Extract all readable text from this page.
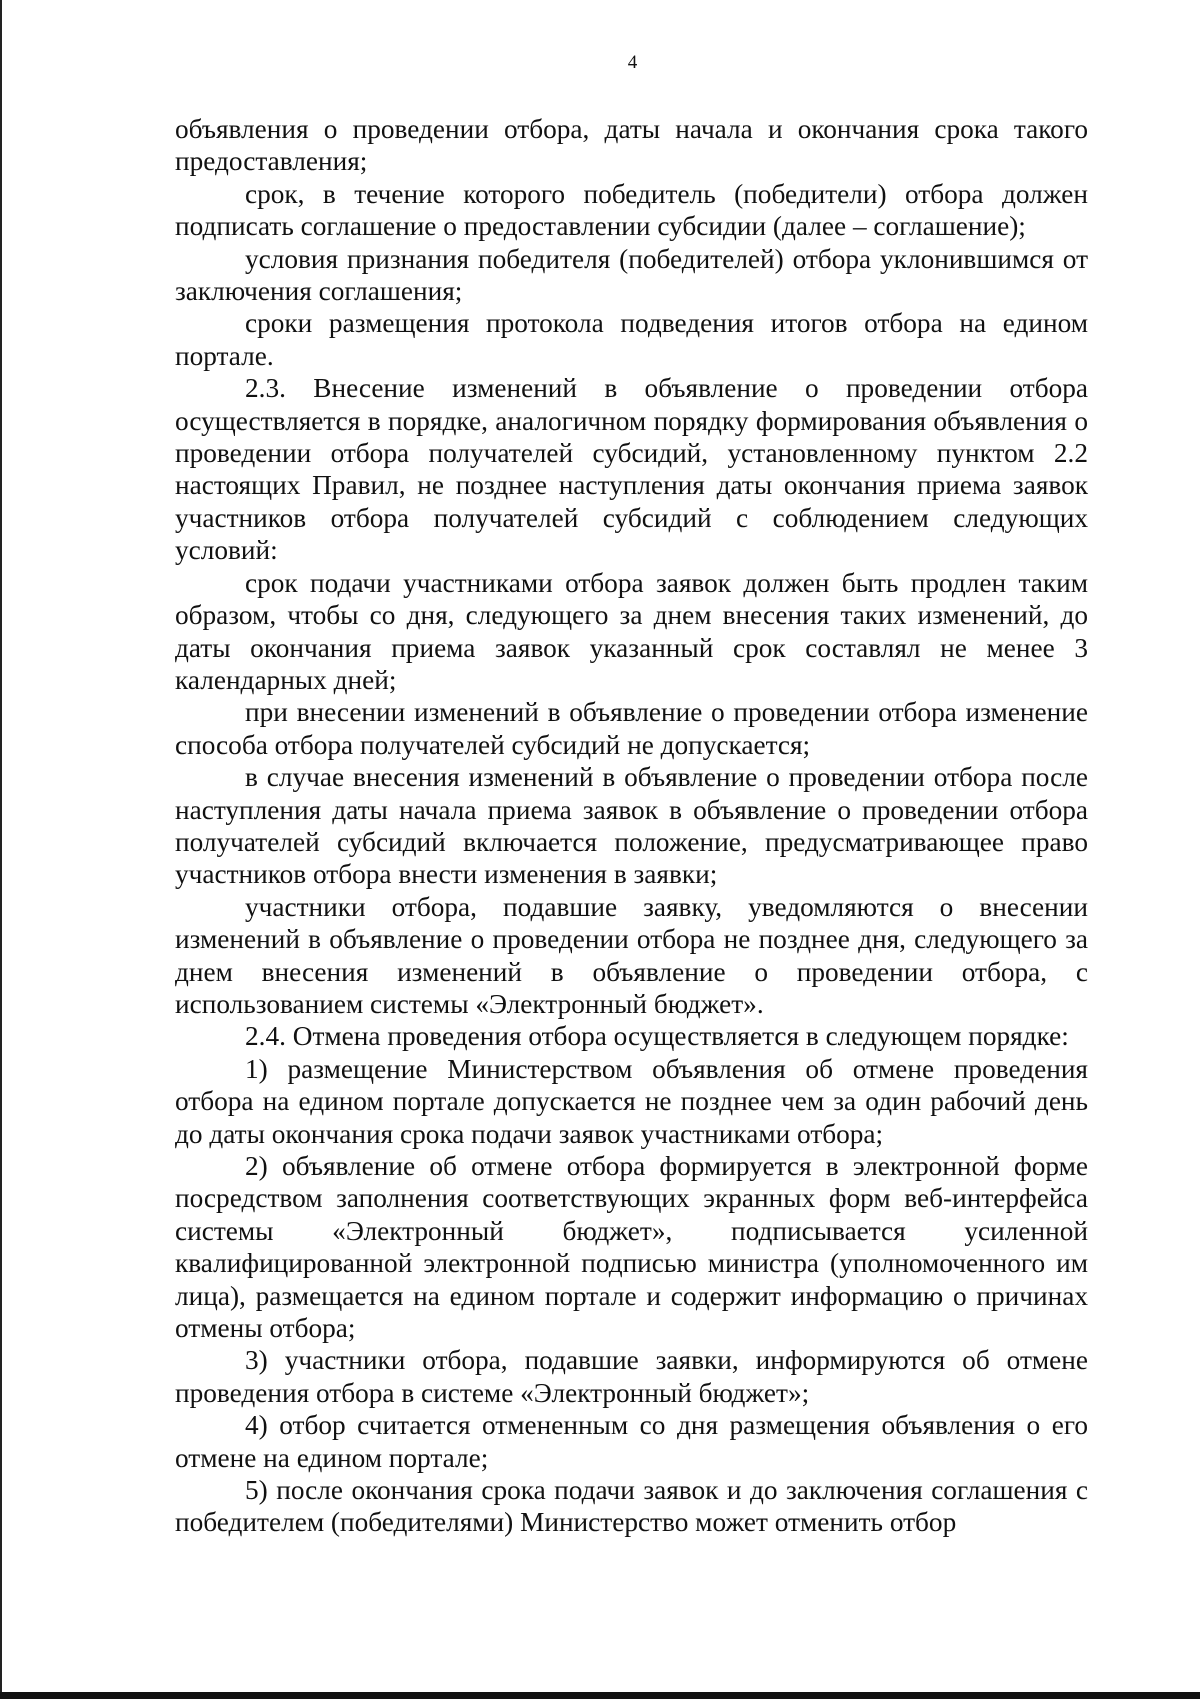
4

объявления о проведении отбора, даты начала и окончания срока такого предоставления;

срок, в течение которого победитель (победители) отбора должен подписать соглашение о предоставлении субсидии (далее – соглашение);

условия признания победителя (победителей) отбора уклонившимся от заключения соглашения;

сроки размещения протокола подведения итогов отбора на едином портале.

2.3. Внесение изменений в объявление о проведении отбора осуществляется в порядке, аналогичном порядку формирования объявления о проведении отбора получателей субсидий, установленному пунктом 2.2 настоящих Правил, не позднее наступления даты окончания приема заявок участников отбора получателей субсидий с соблюдением следующих условий:

срок подачи участниками отбора заявок должен быть продлен таким образом, чтобы со дня, следующего за днем внесения таких изменений, до даты окончания приема заявок указанный срок составлял не менее 3 календарных дней;

при внесении изменений в объявление о проведении отбора изменение способа отбора получателей субсидий не допускается;

в случае внесения изменений в объявление о проведении отбора после наступления даты начала приема заявок в объявление о проведении отбора получателей субсидий включается положение, предусматривающее право участников отбора внести изменения в заявки;

участники отбора, подавшие заявку, уведомляются о внесении изменений в объявление о проведении отбора не позднее дня, следующего за днем внесения изменений в объявление о проведении отбора, с использованием системы «Электронный бюджет».

2.4. Отмена проведения отбора осуществляется в следующем порядке:

1) размещение Министерством объявления об отмене проведения отбора на едином портале допускается не позднее чем за один рабочий день до даты окончания срока подачи заявок участниками отбора;

2) объявление об отмене отбора формируется в электронной форме посредством заполнения соответствующих экранных форм веб-интерфейса системы «Электронный бюджет», подписывается усиленной квалифицированной электронной подписью министра (уполномоченного им лица), размещается на едином портале и содержит информацию о причинах отмены отбора;

3) участники отбора, подавшие заявки, информируются об отмене проведения отбора в системе «Электронный бюджет»;

4) отбор считается отмененным со дня размещения объявления о его отмене на едином портале;

5) после окончания срока подачи заявок и до заключения соглашения с победителем (победителями) Министерство может отменить отбор
